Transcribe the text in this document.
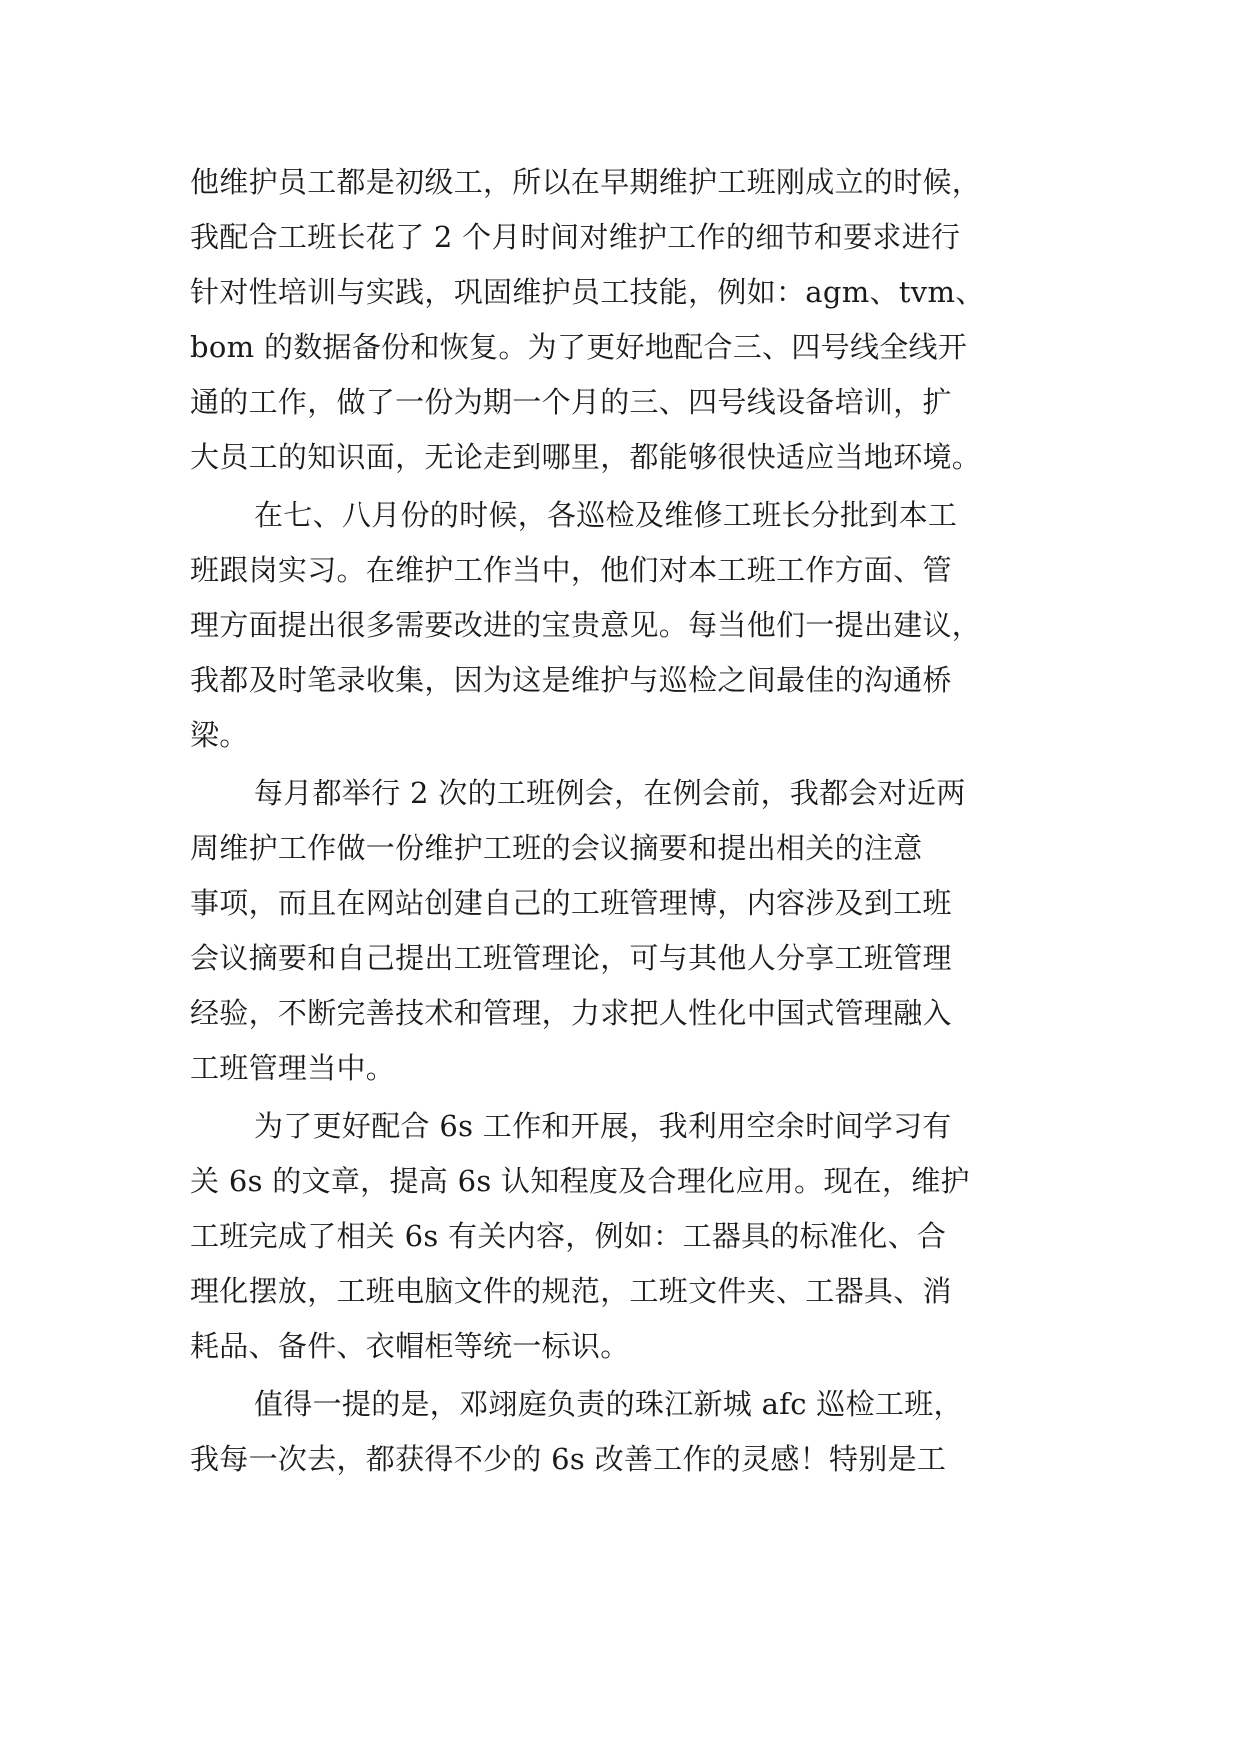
他维护员工都是初级工，所以在早期维护工班刚成立的时候，
我配合工班长花了 2 个月时间对维护工作的细节和要求进行
针对性培训与实践，巩固维护员工技能，例如：agm、tvm、
bom 的数据备份和恢复。为了更好地配合三、四号线全线开
通的工作，做了一份为期一个月的三、四号线设备培训，扩
大员工的知识面，无论走到哪里，都能够很快适应当地环境。
在七、八月份的时候，各巡检及维修工班长分批到本工
班跟岗实习。在维护工作当中，他们对本工班工作方面、管
理方面提出很多需要改进的宝贵意见。每当他们一提出建议，
我都及时笔录收集，因为这是维护与巡检之间最佳的沟通桥
梁。
每月都举行 2 次的工班例会，在例会前，我都会对近两
周维护工作做一份维护工班的会议摘要和提出相关的注意
事项，而且在网站创建自己的工班管理博，内容涉及到工班
会议摘要和自己提出工班管理论，可与其他人分享工班管理
经验，不断完善技术和管理，力求把人性化中国式管理融入
工班管理当中。
为了更好配合 6s 工作和开展，我利用空余时间学习有
关 6s 的文章，提高 6s 认知程度及合理化应用。现在，维护
工班完成了相关 6s 有关内容，例如：工器具的标准化、合
理化摆放，工班电脑文件的规范，工班文件夹、工器具、消
耗品、备件、衣帽柜等统一标识。
值得一提的是，邓翊庭负责的珠江新城 afc 巡检工班，
我每一次去，都获得不少的 6s 改善工作的灵感！特别是工
